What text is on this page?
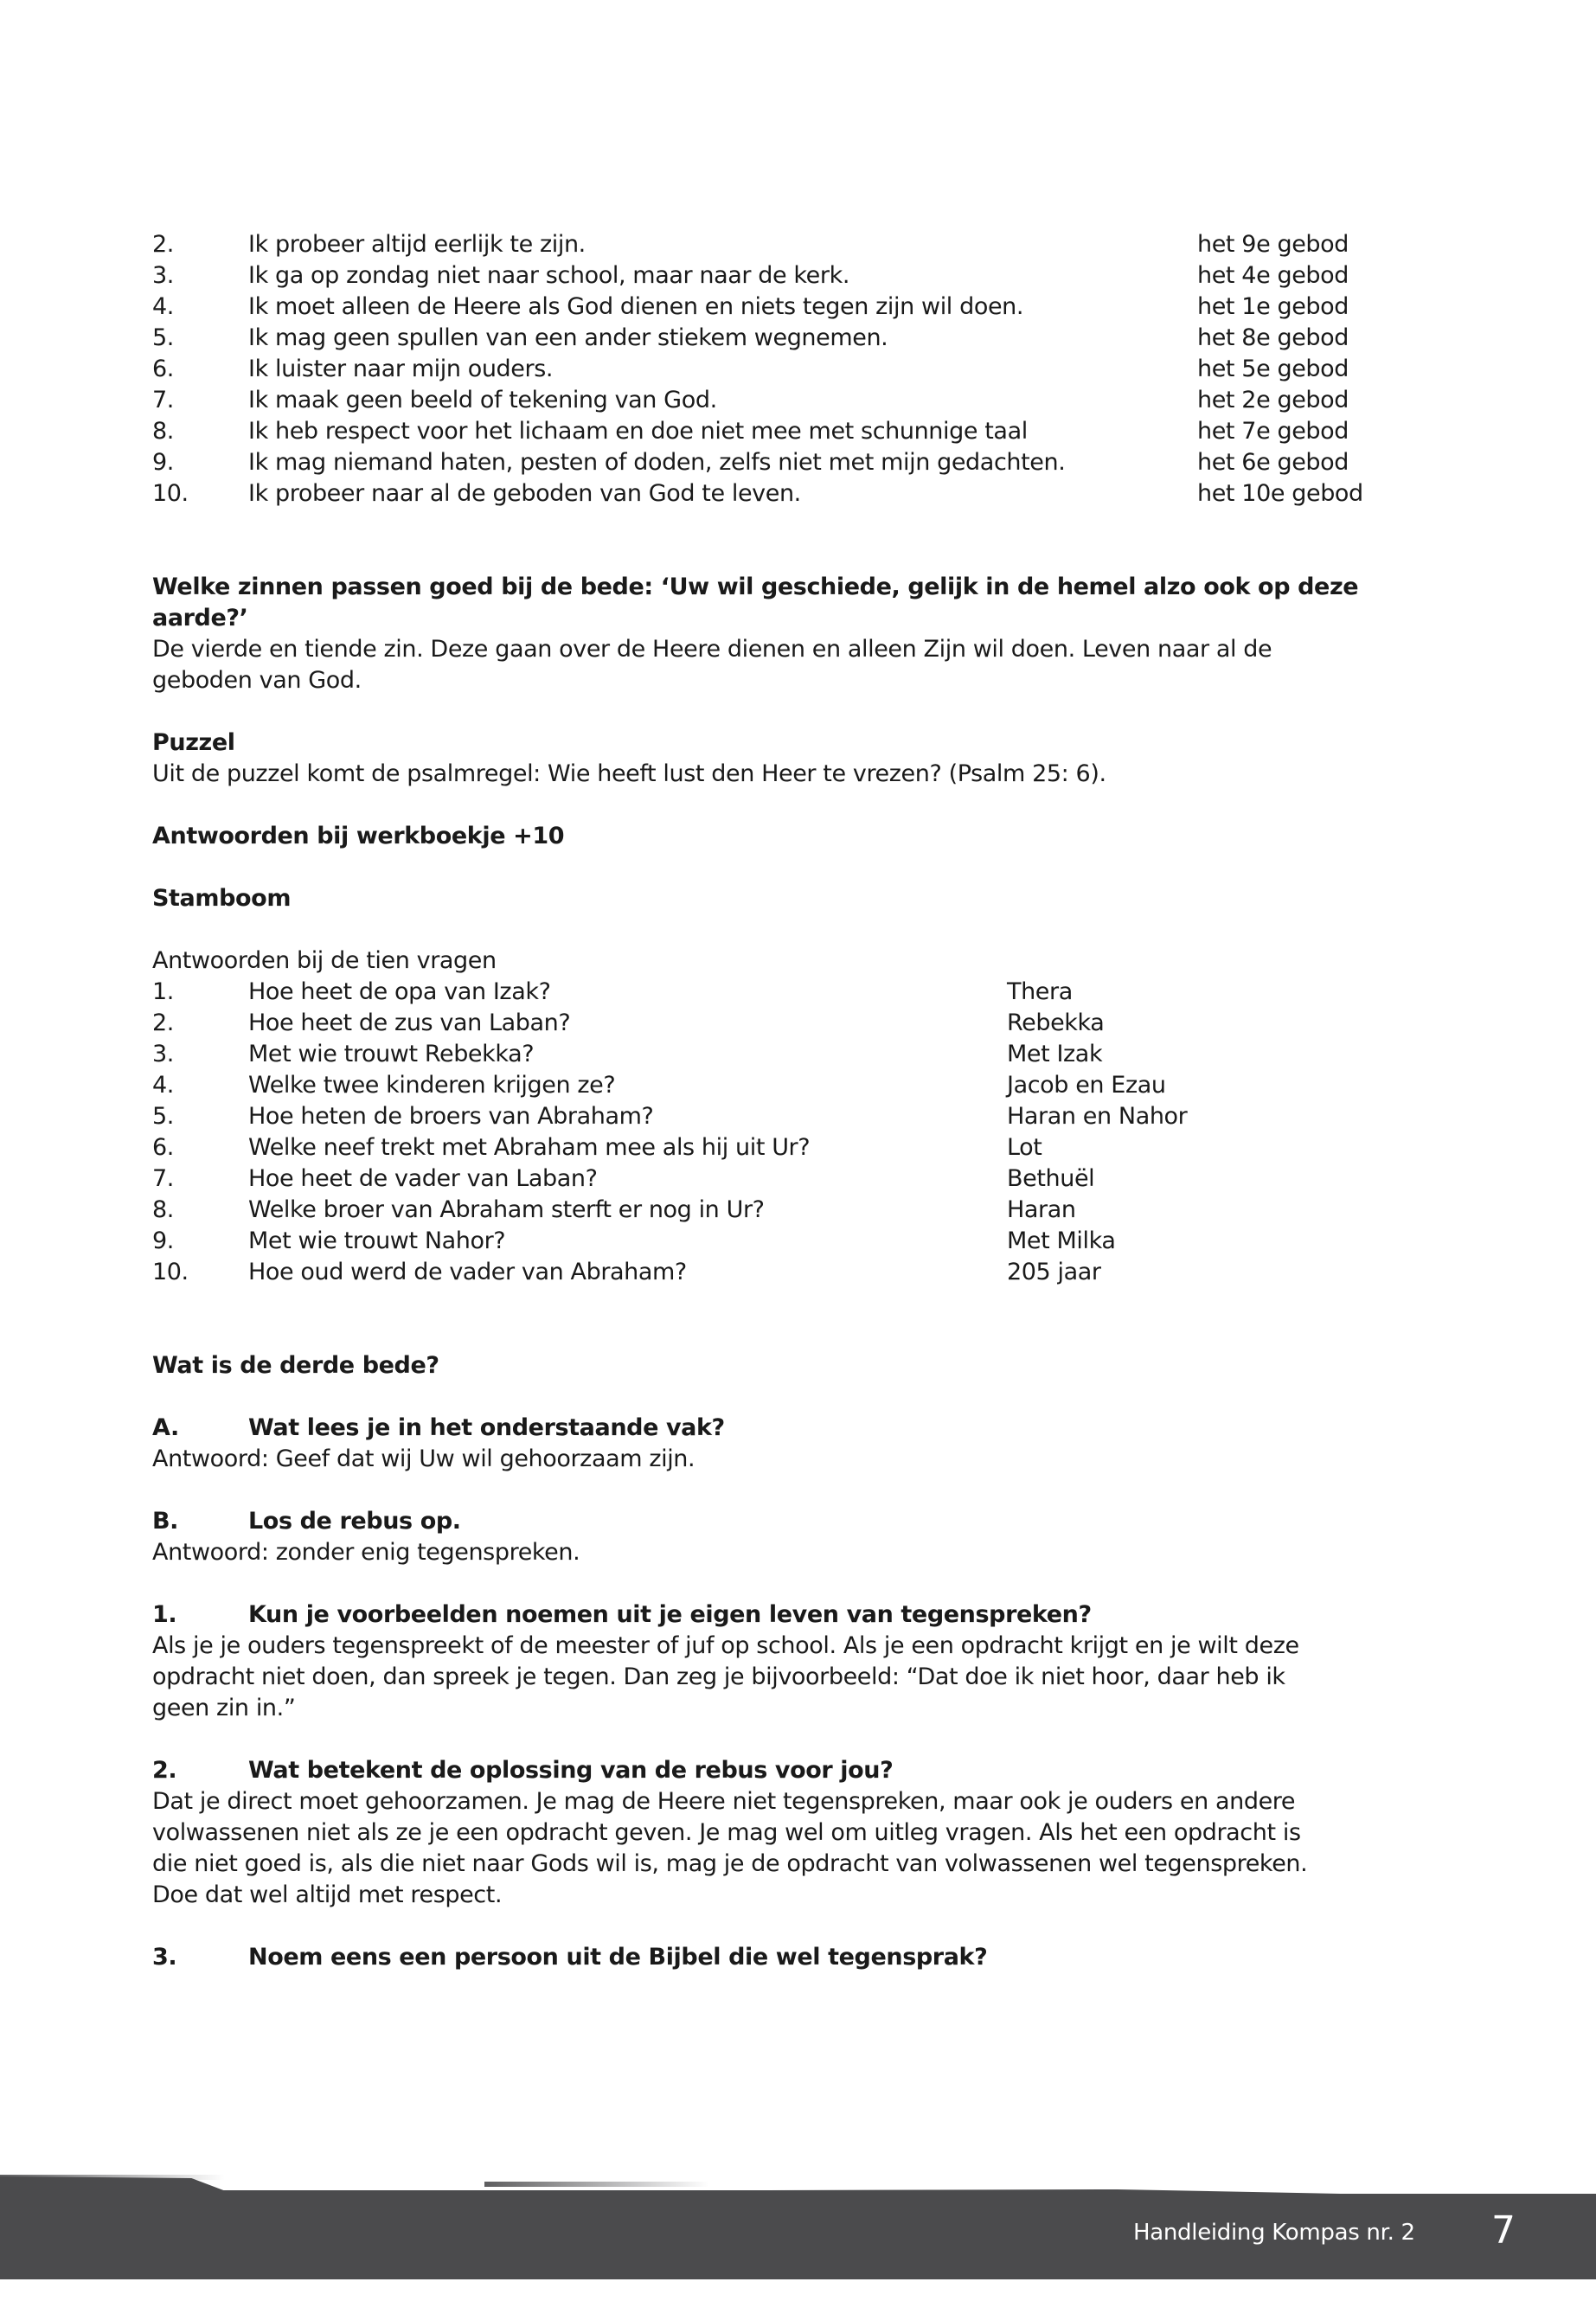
2.	Ik probeer altijd eerlijk te zijn.	het 9e gebod
3.	Ik ga op zondag niet naar school, maar naar de kerk.	het 4e gebod
4.	Ik moet alleen de Heere als God dienen en niets tegen zijn wil doen.	het 1e gebod
5.	Ik mag geen spullen van een ander stiekem wegnemen.	het 8e gebod
6.	Ik luister naar mijn ouders.	het 5e gebod
7.	Ik maak geen beeld of tekening van God.	het 2e gebod
8.	Ik heb respect voor het lichaam en doe niet mee met schunnige taal	het 7e gebod
9.	Ik mag niemand haten, pesten of doden, zelfs niet met mijn gedachten.	het 6e gebod
10.	Ik probeer naar al de geboden van God te leven.	het 10e gebod
Welke zinnen passen goed bij de bede: ‘Uw wil geschiede, gelijk in de hemel alzo ook op deze
aarde?’
De vierde en tiende zin. Deze gaan over de Heere dienen en alleen Zijn wil doen. Leven naar al de
geboden van God.
Puzzel
Uit de puzzel komt de psalmregel: Wie heeft lust den Heer te vrezen? (Psalm 25: 6).
Antwoorden bij werkboekje +10
Stamboom
Antwoorden bij de tien vragen
1.	Hoe heet de opa van Izak?	Thera
2.	Hoe heet de zus van Laban?	Rebekka
3.	Met wie trouwt Rebekka?	Met Izak
4.	Welke twee kinderen krijgen ze?	Jacob en Ezau
5.	Hoe heten de broers van Abraham?	Haran en Nahor
6.	Welke neef trekt met Abraham mee als hij uit Ur?	Lot
7.	Hoe heet de vader van Laban?	Bethuël
8.	Welke broer van Abraham sterft er nog in Ur?	Haran
9.	Met wie trouwt Nahor?	Met Milka
10.	Hoe oud werd de vader van Abraham?	205 jaar
Wat is de derde bede?
A.	Wat lees je in het onderstaande vak?
Antwoord: Geef dat wij Uw wil gehoorzaam zijn.
B.	Los de rebus op.
Antwoord: zonder enig tegenspreken.
1.	Kun je voorbeelden noemen uit je eigen leven van tegenspreken?
Als je je ouders tegenspreekt of de meester of juf op school. Als je een opdracht krijgt en je wilt deze
opdracht niet doen, dan spreek je tegen. Dan zeg je bijvoorbeeld: “Dat doe ik niet hoor, daar heb ik
geen zin in.”
2.	Wat betekent de oplossing van de rebus voor jou?
Dat je direct moet gehoorzamen. Je mag de Heere niet tegenspreken, maar ook je ouders en andere
volwassenen niet als ze je een opdracht geven. Je mag wel om uitleg vragen. Als het een opdracht is
die niet goed is, als die niet naar Gods wil is, mag je de opdracht van volwassenen wel tegenspreken.
Doe dat wel altijd met respect.
3.	Noem eens een persoon uit de Bijbel die wel tegensprak?
Handleiding Kompas nr. 2 7
